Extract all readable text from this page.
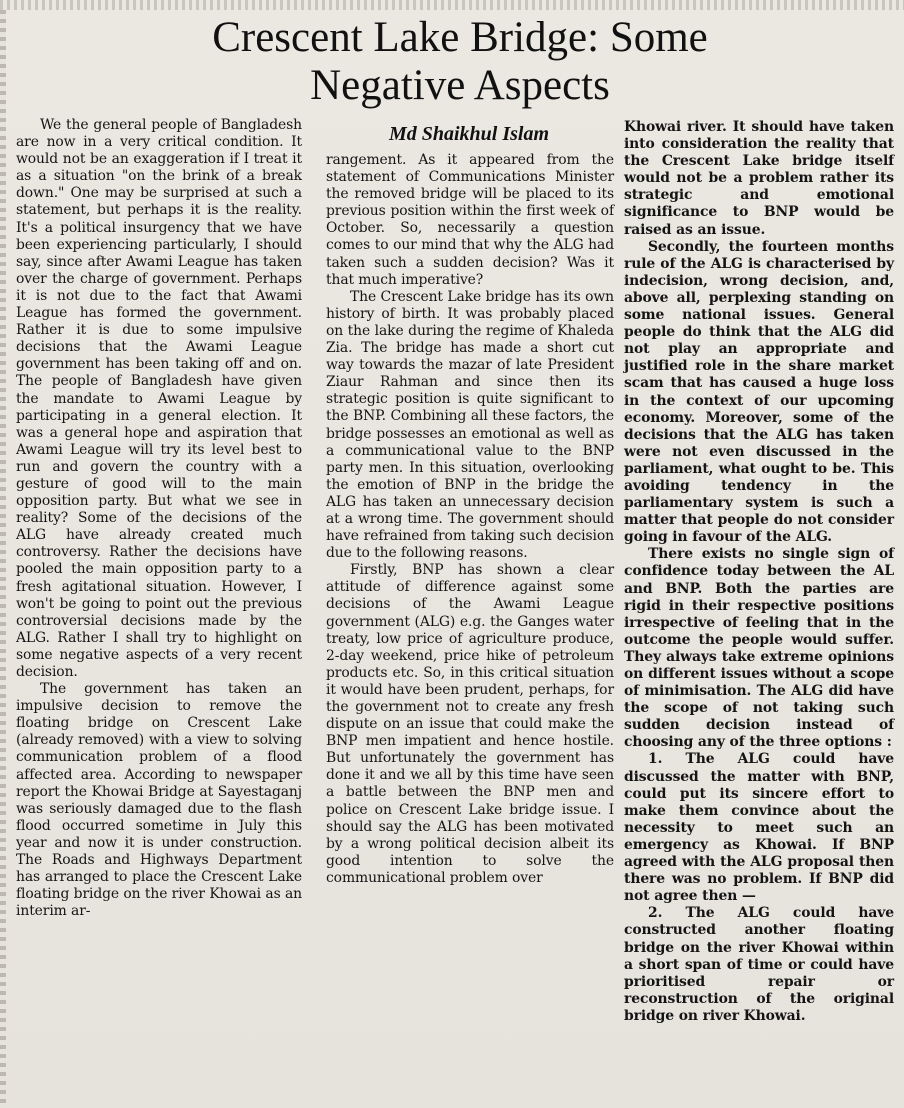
Crescent Lake Bridge: Some
Negative Aspects
Md Shaikhul Islam

We the general people of Bangladesh are now in a very critical condition. It would not be an exaggeration if I treat it as a situation "on the brink of a break down." One may be surprised at such a statement, but perhaps it is the reality. It's a political insurgency that we have been experiencing particularly, I should say, since after Awami League has taken over the charge of government. Perhaps it is not due to the fact that Awami League has formed the government. Rather it is due to some impulsive decisions that the Awami League government has been taking off and on. The people of Bangladesh have given the mandate to Awami League by participating in a general election. It was a general hope and aspiration that Awami League will try its level best to run and govern the country with a gesture of good will to the main opposition party. But what we see in reality? Some of the decisions of the ALG have already created much controversy. Rather the decisions have pooled the main opposition party to a fresh agitational situation. However, I won't be going to point out the previous controversial decisions made by the ALG. Rather I shall try to highlight on some negative aspects of a very recent decision.

The government has taken an impulsive decision to remove the floating bridge on Crescent Lake (already removed) with a view to solving communication problem of a flood affected area. According to newspaper report the Khowai Bridge at Sayestaganj was seriously damaged due to the flash flood occurred sometime in July this year and now it is under construction. The Roads and Highways Department has arranged to place the Crescent Lake floating bridge on the river Khowai as an interim ar-

rangement. As it appeared from the statement of Communications Minister the removed bridge will be placed to its previous position within the first week of October. So, necessarily a question comes to our mind that why the ALG had taken such a sudden decision? Was it that much imperative?

The Crescent Lake bridge has its own history of birth. It was probably placed on the lake during the regime of Khaleda Zia. The bridge has made a short cut way towards the mazar of late President Ziaur Rahman and since then its strategic position is quite significant to the BNP. Combining all these factors, the bridge possesses an emotional as well as a communicational value to the BNP party men. In this situation, overlooking the emotion of BNP in the bridge the ALG has taken an unnecessary decision at a wrong time. The government should have refrained from taking such decision due to the following reasons.

Firstly, BNP has shown a clear attitude of difference against some decisions of the Awami League government (ALG) e.g. the Ganges water treaty, low price of agriculture produce, 2-day weekend, price hike of petroleum products etc. So, in this critical situation it would have been prudent, perhaps, for the government not to create any fresh dispute on an issue that could make the BNP men impatient and hence hostile. But unfortunately the government has done it and we all by this time have seen a battle between the BNP men and police on Crescent Lake bridge issue. I should say the ALG has been motivated by a wrong political decision albeit its good intention to solve the communicational problem over

Khowai river. It should have taken into consideration the reality that the Crescent Lake bridge itself would not be a problem rather its strategic and emotional significance to BNP would be raised as an issue.

Secondly, the fourteen months rule of the ALG is characterised by indecision, wrong decision, and, above all, perplexing standing on some national issues. General people do think that the ALG did not play an appropriate and justified role in the share market scam that has caused a huge loss in the context of our upcoming economy. Moreover, some of the decisions that the ALG has taken were not even discussed in the parliament, what ought to be. This avoiding tendency in the parliamentary system is such a matter that people do not consider going in favour of the ALG.

There exists no single sign of confidence today between the AL and BNP. Both the parties are rigid in their respective positions irrespective of feeling that in the outcome the people would suffer. They always take extreme opinions on different issues without a scope of minimisation. The ALG did have the scope of not taking such sudden decision instead of choosing any of the three options :

1. The ALG could have discussed the matter with BNP, could put its sincere effort to make them convince about the necessity to meet such an emergency as Khowai. If BNP agreed with the ALG proposal then there was no problem. If BNP did not agree then —

2. The ALG could have constructed another floating bridge on the river Khowai within a short span of time or could have prioritised repair or reconstruction of the original bridge on river Khowai.
